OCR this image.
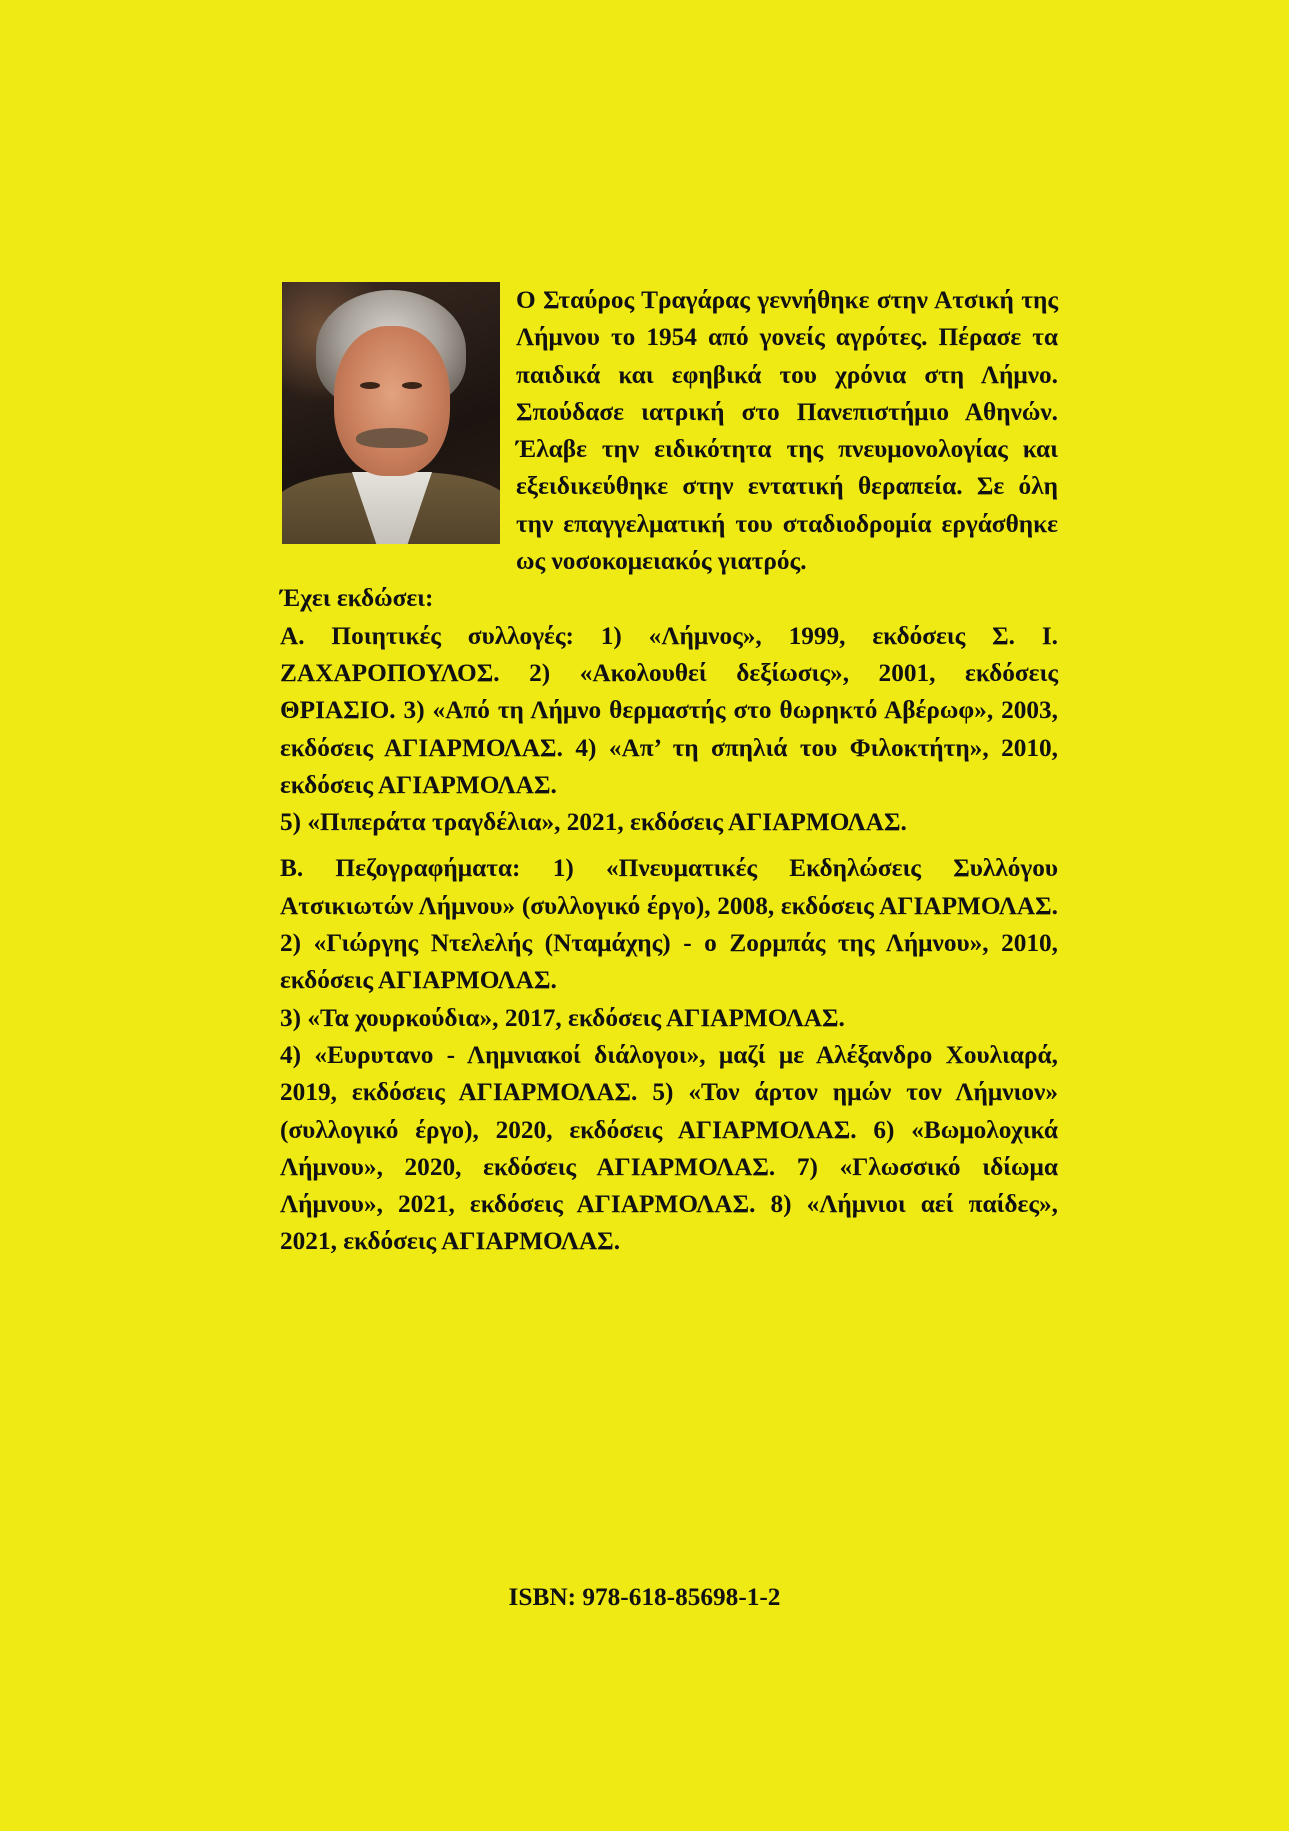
Ο Σταύρος Τραγάρας γεννήθηκε στην Ατσική της Λήμνου το 1954 από γονείς αγρότες. Πέρασε τα παιδικά και εφηβικά του χρόνια στη Λήμνο. Σπούδασε ιατρική στο Πανεπιστήμιο Αθηνών. Έλαβε την ειδικότητα της πνευμονολογίας και εξειδικεύθηκε στην εντατική θεραπεία. Σε όλη την επαγγελματική του σταδιοδρομία εργάσθηκε ως νοσοκομειακός γιατρός.

Έχει εκδώσει:

Α. Ποιητικές συλλογές: 1) «Λήμνος», 1999, εκδόσεις Σ. Ι. ΖΑΧΑΡΟΠΟΥΛΟΣ. 2) «Ακολουθεί δεξίωσις», 2001, εκδόσεις ΘΡΙΑΣΙΟ. 3) «Από τη Λήμνο θερμαστής στο θωρηκτό Αβέρωφ», 2003, εκδόσεις ΑΓΙΑΡΜΟΛΑΣ. 4) «Απ’ τη σπηλιά του Φιλοκτήτη», 2010, εκδόσεις ΑΓΙΑΡΜΟΛΑΣ.

5) «Πιπεράτα τραγδέλια», 2021, εκδόσεις ΑΓΙΑΡΜΟΛΑΣ.

Β. Πεζογραφήματα: 1) «Πνευματικές Εκδηλώσεις Συλλόγου Ατσικιωτών Λήμνου» (συλλογικό έργο), 2008, εκδόσεις ΑΓΙΑΡΜΟΛΑΣ. 2) «Γιώργης Ντελελής (Νταμάχης) - ο Ζορμπάς της Λήμνου», 2010, εκδόσεις ΑΓΙΑΡΜΟΛΑΣ.

3) «Τα χουρκούδια», 2017, εκδόσεις ΑΓΙΑΡΜΟΛΑΣ.

4) «Ευρυτανο - Λημνιακοί διάλογοι», μαζί με Αλέξανδρο Χουλιαρά, 2019, εκδόσεις ΑΓΙΑΡΜΟΛΑΣ. 5) «Τον άρτον ημών τον Λήμνιον» (συλλογικό έργο), 2020, εκδόσεις ΑΓΙΑΡΜΟΛΑΣ. 6) «Βωμολοχικά Λήμνου», 2020, εκδόσεις ΑΓΙΑΡΜΟΛΑΣ. 7) «Γλωσσικό ιδίωμα Λήμνου», 2021, εκδόσεις ΑΓΙΑΡΜΟΛΑΣ. 8) «Λήμνιοι αεί παίδες», 2021, εκδόσεις ΑΓΙΑΡΜΟΛΑΣ.

ISBN: 978-618-85698-1-2
